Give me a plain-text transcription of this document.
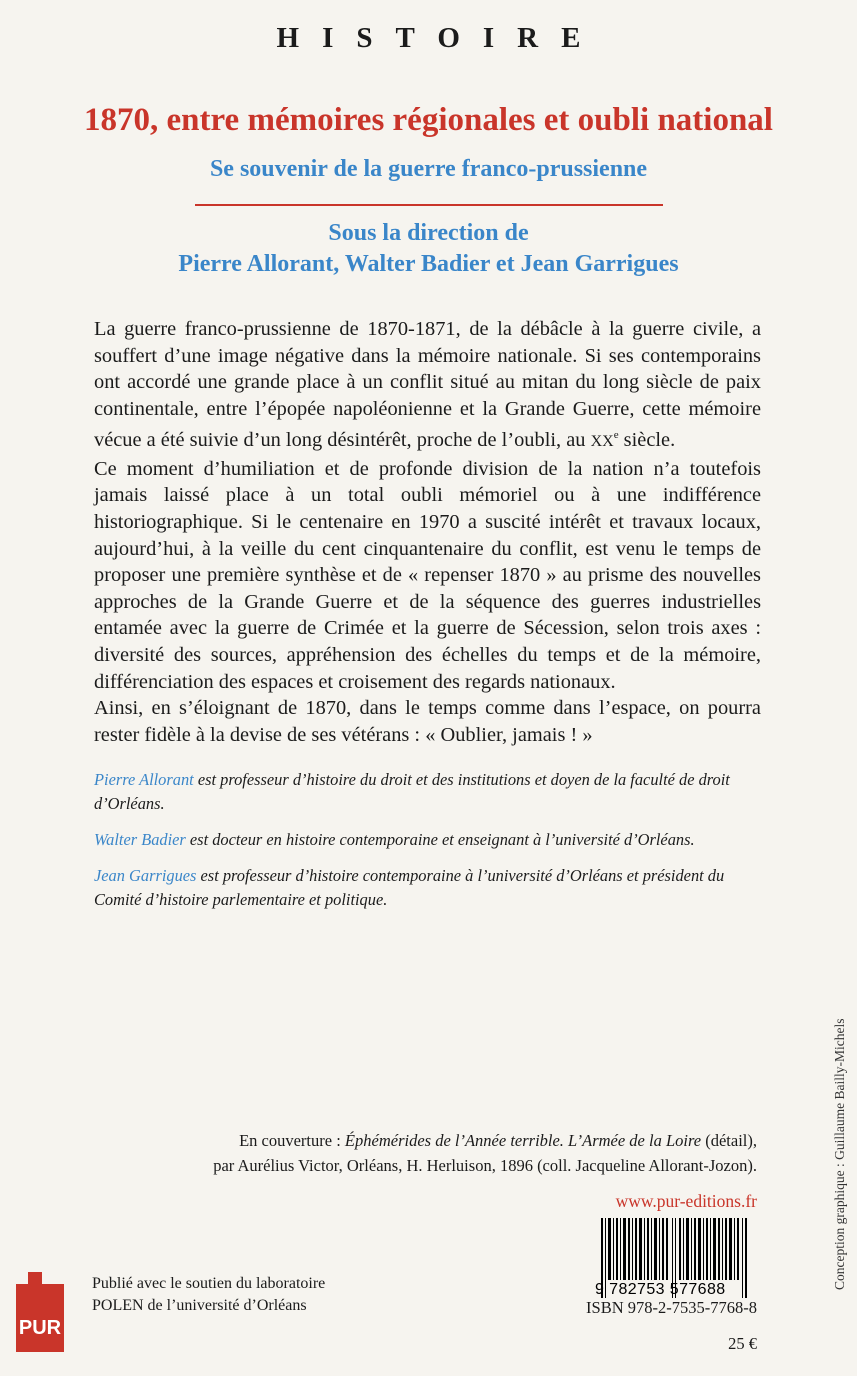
HISTOIRE
1870, entre mémoires régionales et oubli national
Se souvenir de la guerre franco-prussienne
Sous la direction de
Pierre Allorant, Walter Badier et Jean Garrigues

La guerre franco-prussienne de 1870-1871, de la débâcle à la guerre civile, a souffert d’une image négative dans la mémoire nationale. Si ses contemporains ont accordé une grande place à un conflit situé au mitan du long siècle de paix continentale, entre l’épopée napoléonienne et la Grande Guerre, cette mémoire vécue a été suivie d’un long désintérêt, proche de l’oubli, au XXe siècle.

Ce moment d’humiliation et de profonde division de la nation n’a toutefois jamais laissé place à un total oubli mémoriel ou à une indifférence historiographique. Si le centenaire en 1970 a suscité intérêt et travaux locaux, aujourd’hui, à la veille du cent cinquantenaire du conflit, est venu le temps de proposer une première synthèse et de « repenser 1870 » au prisme des nouvelles approches de la Grande Guerre et de la séquence des guerres industrielles entamée avec la guerre de Crimée et la guerre de Sécession, selon trois axes : diversité des sources, appréhension des échelles du temps et de la mémoire, différenciation des espaces et croisement des regards nationaux.

Ainsi, en s’éloignant de 1870, dans le temps comme dans l’espace, on pourra rester fidèle à la devise de ses vétérans : « Oublier, jamais ! »

Pierre Allorant est professeur d’histoire du droit et des institutions et doyen de la faculté de droit d’Orléans.

Walter Badier est docteur en histoire contemporaine et enseignant à l’université d’Orléans.

Jean Garrigues est professeur d’histoire contemporaine à l’université d’Orléans et président du Comité d’histoire parlementaire et politique.

En couverture : Éphémérides de l’Année terrible. L’Armée de la Loire (détail),
par Aurélius Victor, Orléans, H. Herluison, 1896 (coll. Jacqueline Allorant-Jozon).
www.pur-editions.fr
9 782753 577688
ISBN 978-2-7535-7768-8
25 €
PUR
Publié avec le soutien du laboratoire
POLEN de l’université d’Orléans
Conception graphique : Guillaume Bailly-Michels
